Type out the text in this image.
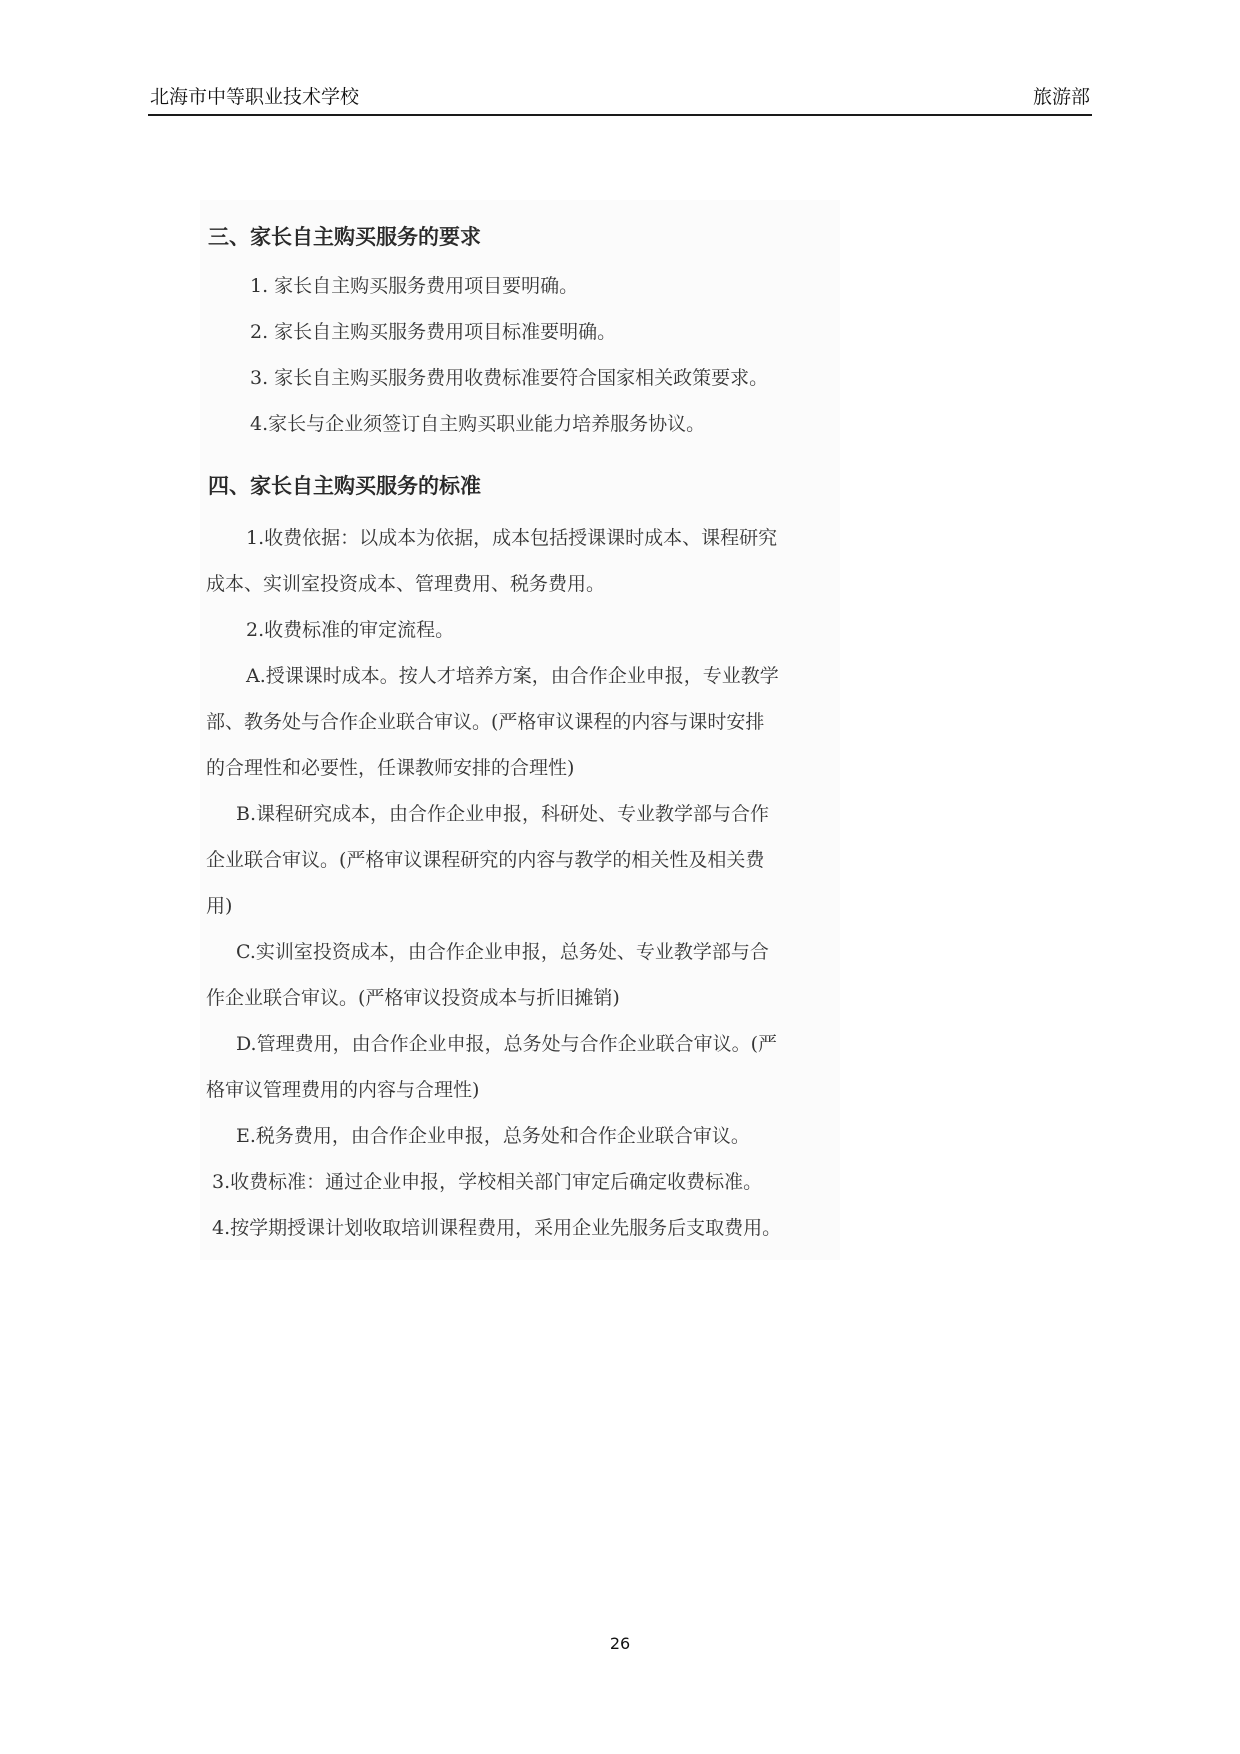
北海市中等职业技术学校	旅游部
三、家长自主购买服务的要求
1. 家长自主购买服务费用项目要明确。
2. 家长自主购买服务费用项目标准要明确。
3. 家长自主购买服务费用收费标准要符合国家相关政策要求。
4.家长与企业须签订自主购买职业能力培养服务协议。
四、家长自主购买服务的标准
1.收费依据：以成本为依据，成本包括授课课时成本、课程研究
成本、实训室投资成本、管理费用、税务费用。
2.收费标准的审定流程。
A.授课课时成本。按人才培养方案，由合作企业申报，专业教学
部、教务处与合作企业联合审议。(严格审议课程的内容与课时安排
的合理性和必要性，任课教师安排的合理性)
B.课程研究成本，由合作企业申报，科研处、专业教学部与合作
企业联合审议。(严格审议课程研究的内容与教学的相关性及相关费
用)
C.实训室投资成本，由合作企业申报，总务处、专业教学部与合
作企业联合审议。(严格审议投资成本与折旧摊销)
D.管理费用，由合作企业申报，总务处与合作企业联合审议。(严
格审议管理费用的内容与合理性)
E.税务费用，由合作企业申报，总务处和合作企业联合审议。
3.收费标准：通过企业申报，学校相关部门审定后确定收费标准。
4.按学期授课计划收取培训课程费用，采用企业先服务后支取费用。
26
